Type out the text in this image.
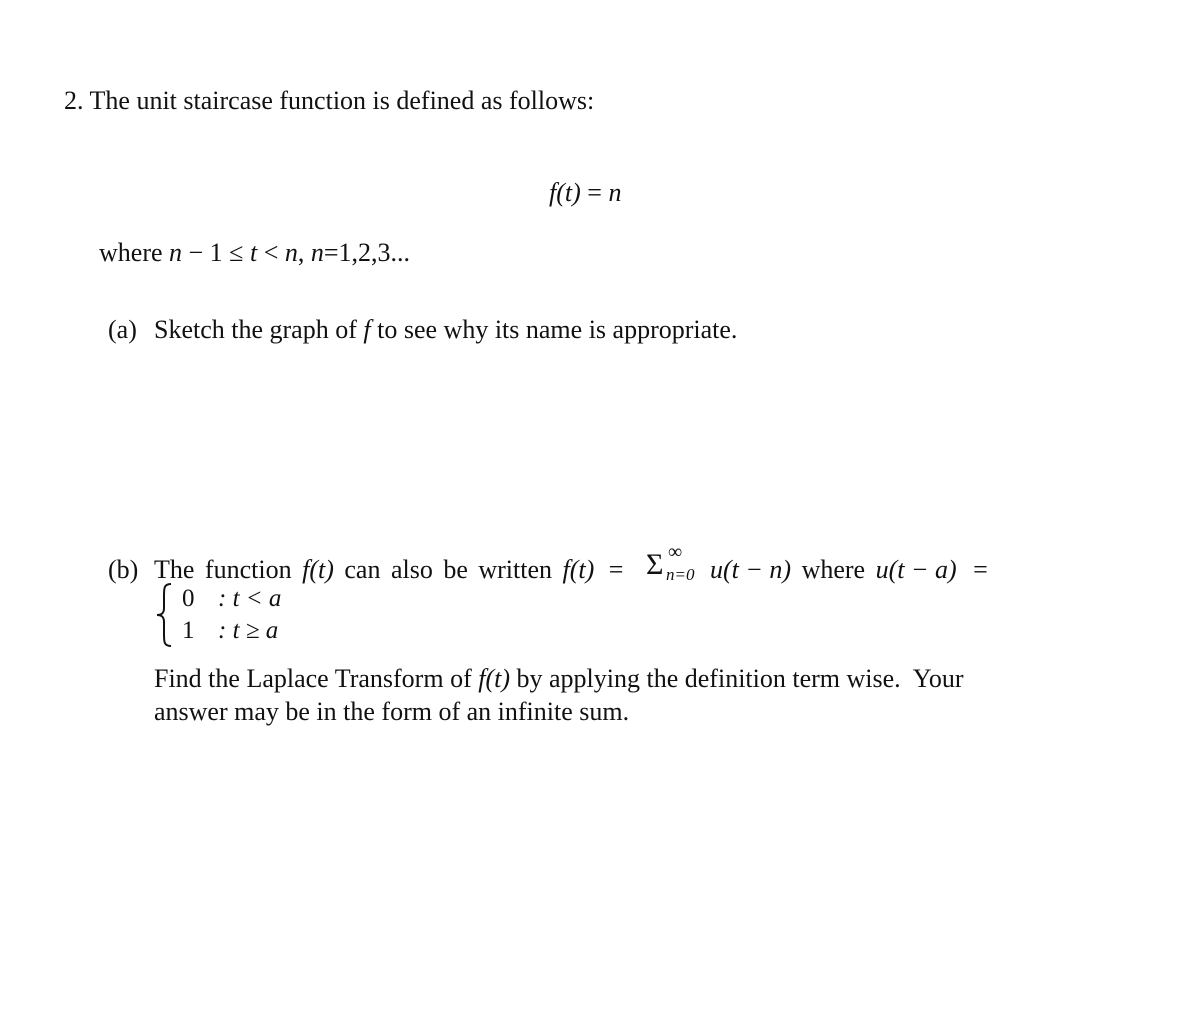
2. The unit staircase function is defined as follows:
f(t) = n
where n − 1 ≤ t < n, n=1,2,3...
(a) Sketch the graph of f to see why its name is appropriate.
(b) The function f(t) can also be written f(t) = Σ ∞
n=0 u(t − n) where u(t − a) =
0 : t < a
1 : t ≥ a
Find the Laplace Transform of f(t) by applying the definition term wise.  Your
answer may be in the form of an infinite sum.
